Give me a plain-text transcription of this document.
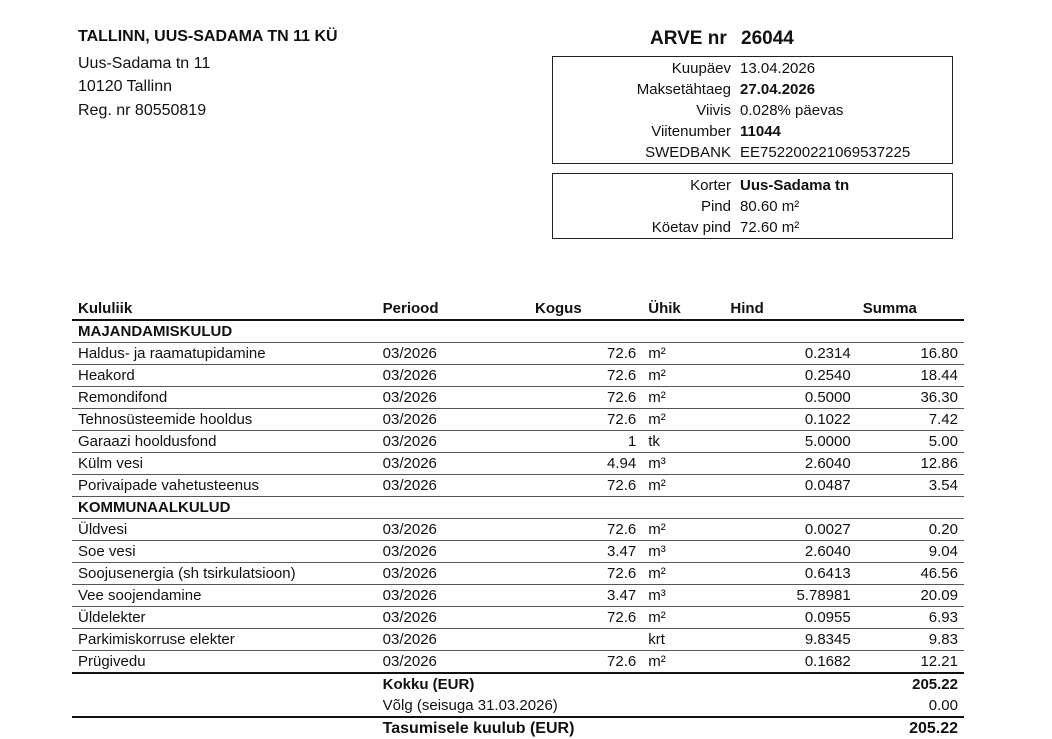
TALLINN, UUS-SADAMA TN 11 KÜ
Uus-Sadama tn 11
10120 Tallinn
Reg. nr 80550819
ARVE nr 26044
Kuupäev 13.04.2026
Maksetähtaeg 27.04.2026
Viivis 0.028% päevas
Viitenumber 11044
SWEDBANK EE752200221069537225
Korter Uus-Sadama tn
Pind 80.60 m²
Köetav pind 72.60 m²
Kululiik	Periood	Kogus	Ühik	Hind	Summa
MAJANDAMISKULUD					
Haldus- ja raamatupidamine	03/2026	72.6	m²	0.2314	16.80
Heakord	03/2026	72.6	m²	0.2540	18.44
Remondifond	03/2026	72.6	m²	0.5000	36.30
Tehnosüsteemide hooldus	03/2026	72.6	m²	0.1022	7.42
Garaazi hooldusfond	03/2026	1	tk	5.0000	5.00
Külm vesi	03/2026	4.94	m³	2.6040	12.86
Porivaipade vahetusteenus	03/2026	72.6	m²	0.0487	3.54
KOMMUNAALKULUD					
Üldvesi	03/2026	72.6	m²	0.0027	0.20
Soe vesi	03/2026	3.47	m³	2.6040	9.04
Soojusenergia (sh tsirkulatsioon)	03/2026	72.6	m²	0.6413	46.56
Vee soojendamine	03/2026	3.47	m³	5.78981	20.09
Üldelekter	03/2026	72.6	m²	0.0955	6.93
Parkimiskorruse elekter	03/2026		krt	9.8345	9.83
Prügivedu	03/2026	72.6	m²	0.1682	12.21
	Kokku (EUR)				205.22
	Võlg (seisuga 31.03.2026)				0.00
	Tasumisele kuulub (EUR)				205.22
